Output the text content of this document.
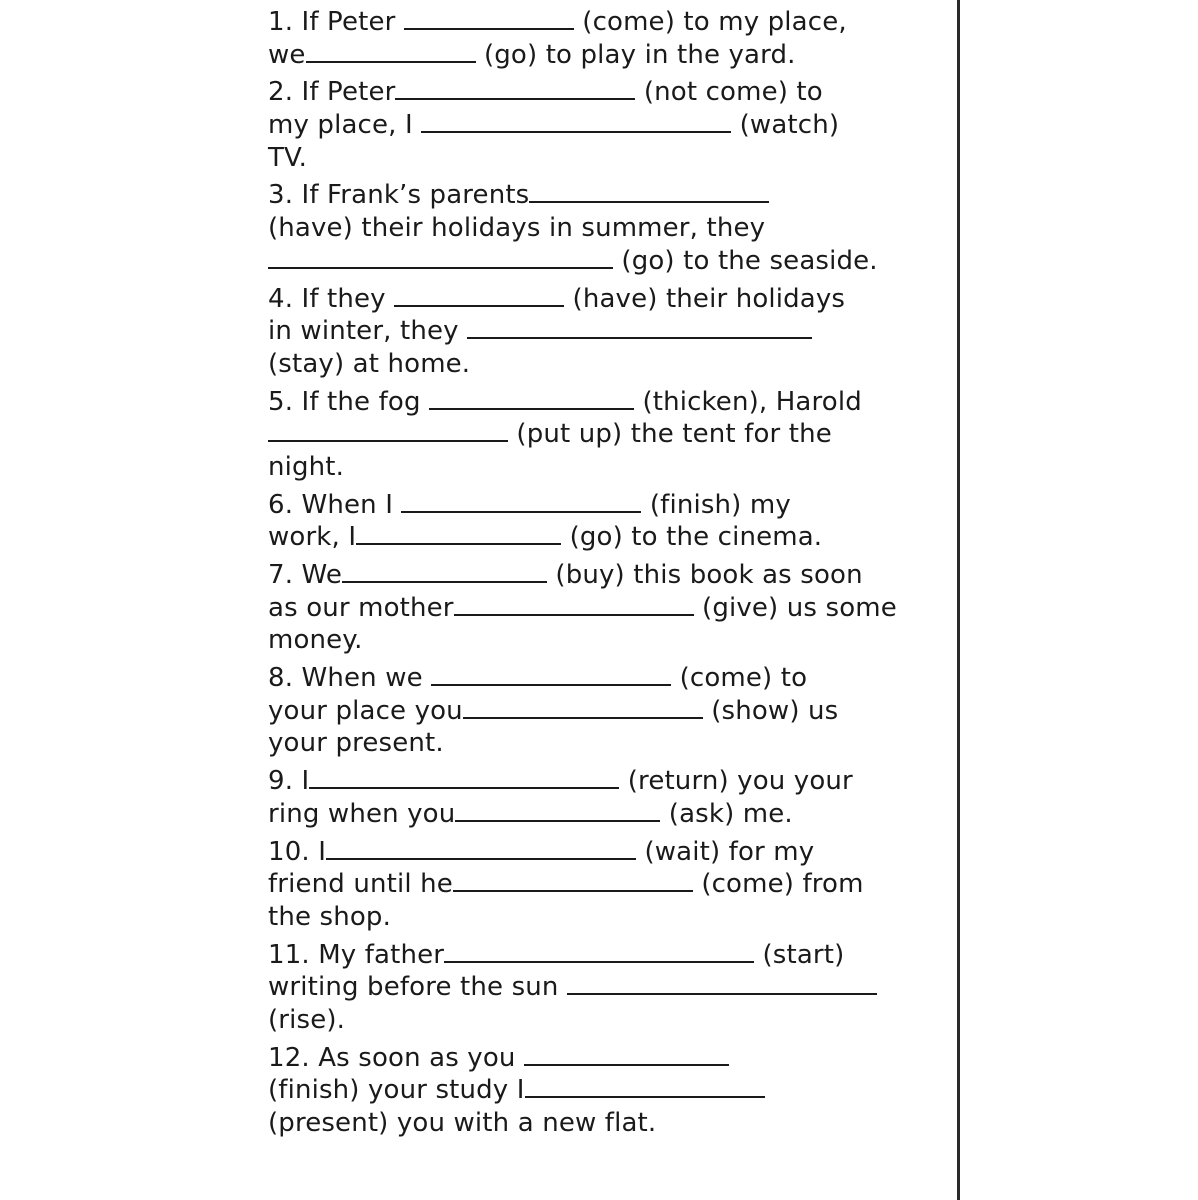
1. If Peter	(come) to my place,
we	(go) to play in the yard.
2. If Peter	(not come) to
my place, I	(watch)
TV.
3. If Frank’s parents
(have) their holidays in summer, they
(go) to the seaside.
4. If they	(have) their holidays
in winter, they
(stay) at home.
5. If the fog	(thicken), Harold
(put up) the tent for the
night.
6. When I	(finish) my
work, I	(go) to the cinema.
7. We	(buy) this book as soon
as our mother	(give) us some
money.
8. When we	(come) to
your place you	(show) us
your present.
9. I	(return) you your
ring when you	(ask) me.
10. I	(wait) for my
friend until he	(come) from
the shop.
11. My father	(start)
writing before the sun
(rise).
12. As soon as you
(finish) your study I
(present) you with a new flat.
